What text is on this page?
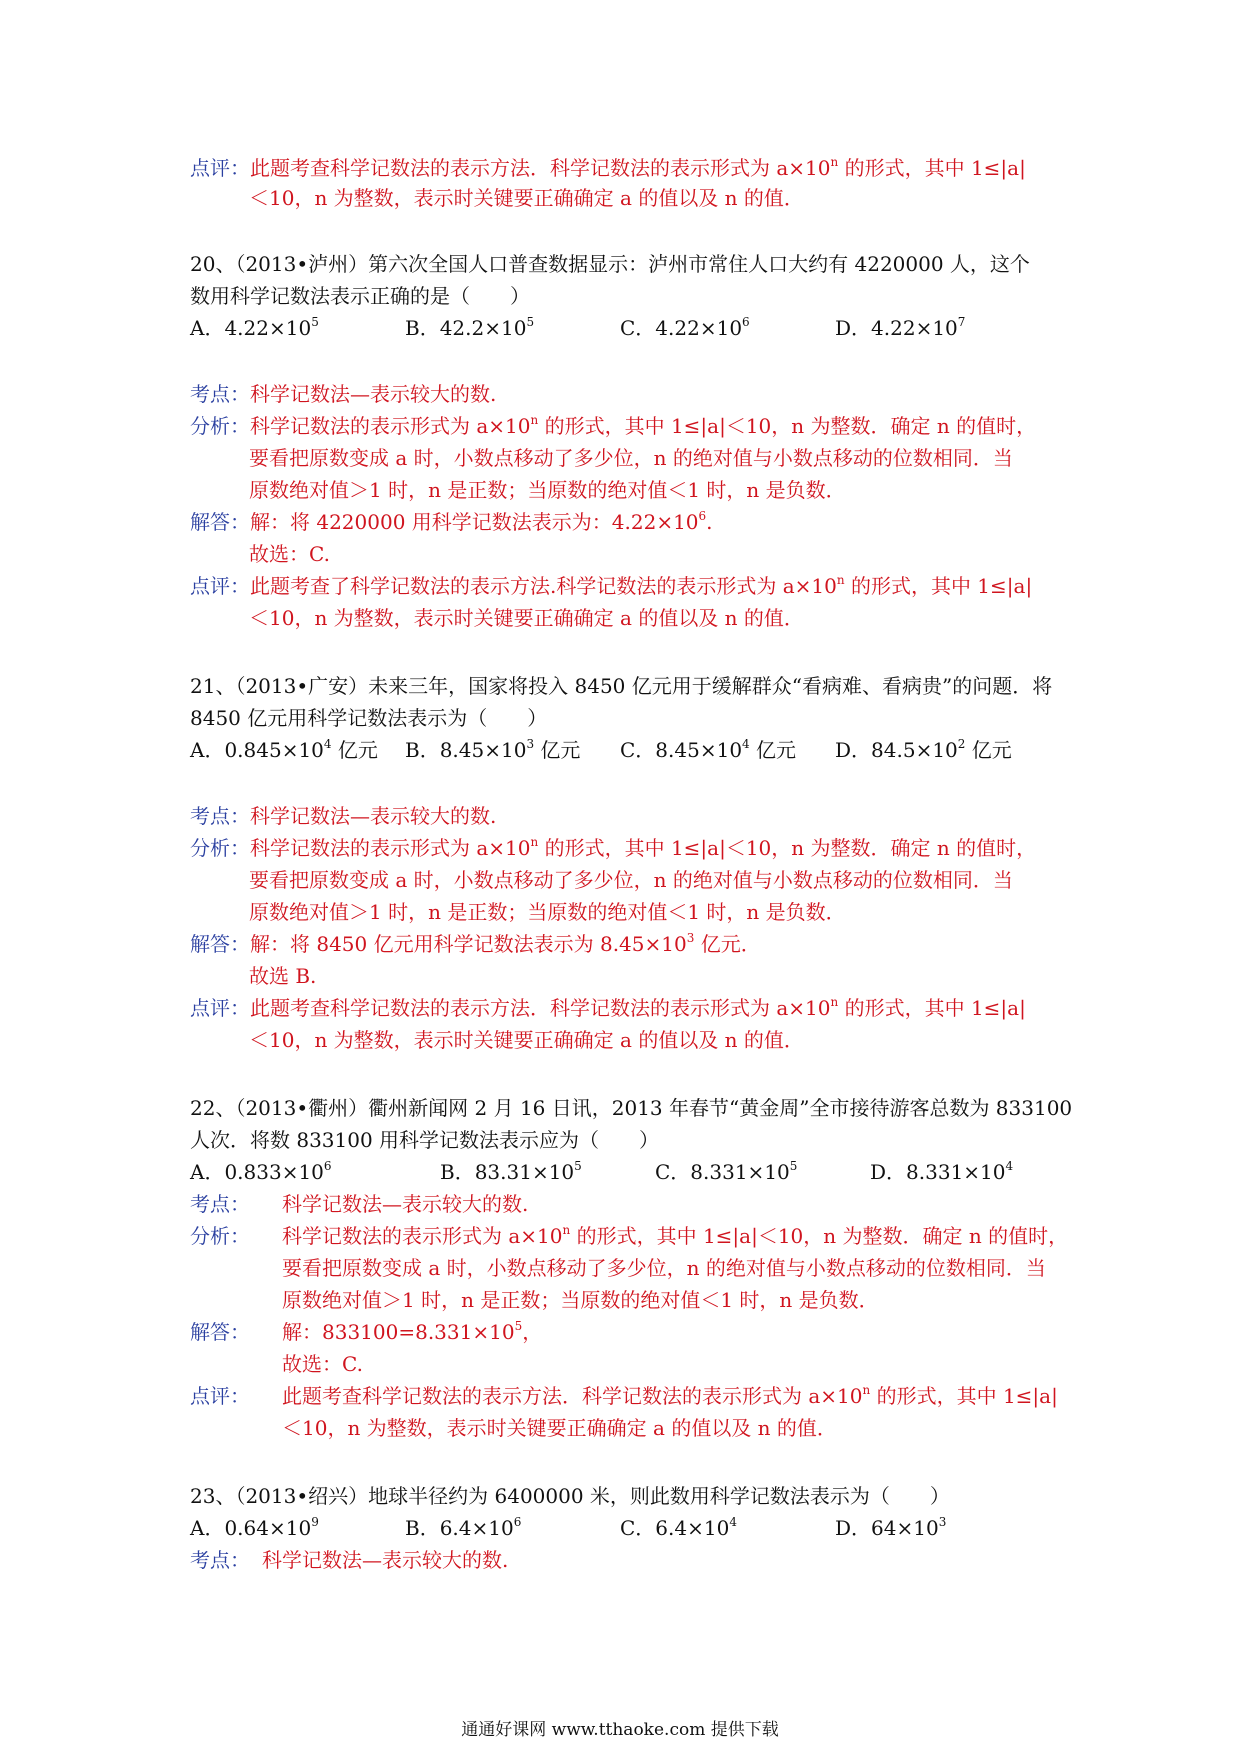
点评：此题考查科学记数法的表示方法．科学记数法的表示形式为 $a\times 10^n$ 的形式，其中 1≤|a|
＜10，n 为整数，表示时关键要正确确定 a 的值以及 n 的值．
20、（2013•泸州）第六次全国人口普查数据显示：泸州市常住人口大约有 4220000 人，这个
数用科学记数法表示正确的是（　　）
A．$4.22\times 10^5$	B．$42.2\times 10^5$	C．$4.22\times 10^6$	D．$4.22\times 10^7$
考点：科学记数法—表示较大的数.
分析：科学记数法的表示形式为 $a\times 10^n$ 的形式，其中 1≤|a|＜10，n 为整数．确定 n 的值时，
要看把原数变成 a 时，小数点移动了多少位，n 的绝对值与小数点移动的位数相同．当
原数绝对值＞1 时，n 是正数；当原数的绝对值＜1 时，n 是负数．
解答：解：将 4220000 用科学记数法表示为：$4.22\times 10^6$.
故选：C.
点评：此题考查了科学记数法的表示方法.科学记数法的表示形式为 $a\times 10^n$ 的形式，其中 1≤|a|
＜10，n 为整数，表示时关键要正确确定 a 的值以及 n 的值．
21、（2013•广安）未来三年，国家将投入 8450 亿元用于缓解群众“看病难、看病贵”的问题．将
8450 亿元用科学记数法表示为（　　）
A．$0.845\times 10^4$ 亿元 B．$8.45\times 10^3$ 亿元 C．$8.45\times 10^4$ 亿元 D．$84.5\times 10^2$ 亿元
考点：科学记数法—表示较大的数.
分析：科学记数法的表示形式为 $a\times 10^n$ 的形式，其中 1≤|a|＜10，n 为整数．确定 n 的值时，
要看把原数变成 a 时，小数点移动了多少位，n 的绝对值与小数点移动的位数相同．当
原数绝对值＞1 时，n 是正数；当原数的绝对值＜1 时，n 是负数．
解答：解：将 8450 亿元用科学记数法表示为 $8.45\times 10^3$ 亿元．
故选 B.
点评：此题考查科学记数法的表示方法．科学记数法的表示形式为 $a\times 10^n$ 的形式，其中 1≤|a|
＜10，n 为整数，表示时关键要正确确定 a 的值以及 n 的值．
22、（2013•衢州）衢州新闻网 2 月 16 日讯，2013 年春节“黄金周”全市接待游客总数为 833100
人次．将数 833100 用科学记数法表示应为（　　）
A．$0.833\times 10^6$	B．$83.31\times 10^5$	C．$8.331\times 10^5$	D．$8.331\times 10^4$
考点： 科学记数法—表示较大的数.
分析： 科学记数法的表示形式为 $a\times 10^n$ 的形式，其中 1≤|a|＜10，n 为整数．确定 n 的值时，
要看把原数变成 a 时，小数点移动了多少位，n 的绝对值与小数点移动的位数相同．当
原数绝对值＞1 时，n 是正数；当原数的绝对值＜1 时，n 是负数．
解答： 解：$833100=8.331\times 10^5$，
故选：C.
点评： 此题考查科学记数法的表示方法．科学记数法的表示形式为 $a\times 10^n$ 的形式，其中 1≤|a|
＜10，n 为整数，表示时关键要正确确定 a 的值以及 n 的值．
23、（2013•绍兴）地球半径约为 6400000 米，则此数用科学记数法表示为（　　）
A．$0.64\times 10^9$	B．$6.4\times 10^6$	C．$6.4\times 10^4$	D．$64\times 10^3$
考点： 科学记数法—表示较大的数.
通通好课网 www.tthaoke.com 提供下载
